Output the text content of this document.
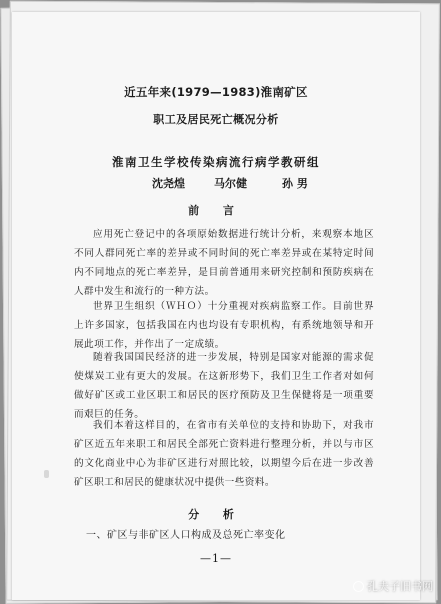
近五年来(1979—1983)淮南矿区
职工及居民死亡概况分析
淮南卫生学校传染病流行病学教研组
沈尧煌	马尔健	孙 男
前 言

应用死亡登记中的各项原始数据进行统计分析，来观察本地区不同人群同死亡率的差异或不同时间的死亡率差异或在某特定时间内不同地点的死亡率差异，是目前普通用来研究控制和预防疾病在人群中发生和流行的一种方法。

世界卫生组织（ＷＨＯ）十分重视对疾病监察工作。目前世界上许多国家，包括我国在内也均设有专职机构，有系统地领导和开展此项工作，并作出了一定成绩。

随着我国国民经济的进一步发展，特别是国家对能源的需求促使煤炭工业有更大的发展。在这新形势下，我们卫生工作者对如何做好矿区或工业区职工和居民的医疗预防及卫生保健将是一项重要而艰巨的任务。

我们本着这样目的，在省市有关单位的支持和协助下，对我市矿区近五年来职工和居民全部死亡资料进行整理分析，并以与市区的文化商业中心为非矿区进行对照比较，以期望今后在进一步改善矿区职工和居民的健康状况中提供一些资料。

分 析
一、矿区与非矿区人口构成及总死亡率变化
—1—
孔夫子旧书网
